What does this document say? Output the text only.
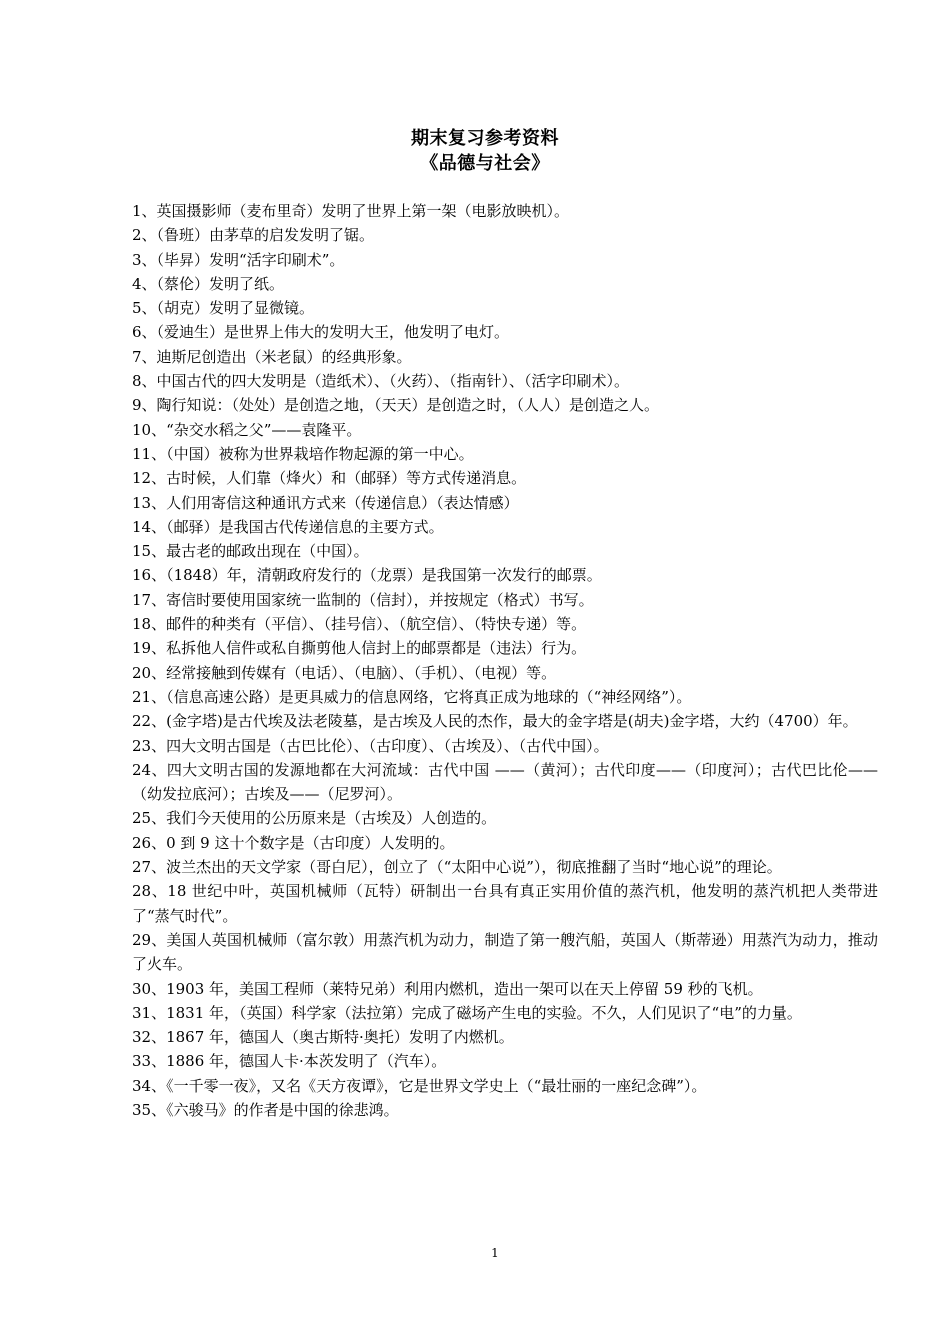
期末复习参考资料
《品德与社会》

1、英国摄影师（麦布里奇）发明了世界上第一架（电影放映机）。

2、（鲁班）由茅草的启发发明了锯。

3、（毕昇）发明“活字印刷术”。

4、（蔡伦）发明了纸。

5、（胡克）发明了显微镜。

6、（爱迪生）是世界上伟大的发明大王，他发明了电灯。

7、迪斯尼创造出（米老鼠）的经典形象。

8、中国古代的四大发明是（造纸术）、（火药）、（指南针）、（活字印刷术）。

9、陶行知说：（处处）是创造之地，（天天）是创造之时，（人人）是创造之人。

10、“杂交水稻之父”——袁隆平。

11、（中国）被称为世界栽培作物起源的第一中心。

12、古时候，人们靠（烽火）和（邮驿）等方式传递消息。

13、人们用寄信这种通讯方式来（传递信息）（表达情感）

14、（邮驿）是我国古代传递信息的主要方式。

15、最古老的邮政出现在（中国）。

16、（1848）年，清朝政府发行的（龙票）是我国第一次发行的邮票。

17、寄信时要使用国家统一监制的（信封），并按规定（格式）书写。

18、邮件的种类有（平信）、（挂号信）、（航空信）、（特快专递）等。

19、私拆他人信件或私自撕剪他人信封上的邮票都是（违法）行为。

20、经常接触到传媒有（电话）、（电脑）、（手机）、（电视）等。

21、（信息高速公路）是更具威力的信息网络，它将真正成为地球的（“神经网络”）。

22、(金字塔)是古代埃及法老陵墓，是古埃及人民的杰作，最大的金字塔是(胡夫)金字塔，大约（4700）年。

23、四大文明古国是（古巴比伦）、（古印度）、（古埃及）、（古代中国）。

24、四大文明古国的发源地都在大河流域：古代中国 ——（黄河）；古代印度——（印度河）；古代巴比伦——（幼发拉底河）；古埃及——（尼罗河）。

25、我们今天使用的公历原来是（古埃及）人创造的。

26、0 到 9 这十个数字是（古印度）人发明的。

27、波兰杰出的天文学家（哥白尼），创立了（“太阳中心说”），彻底推翻了当时“地心说”的理论。

28、18 世纪中叶，英国机械师（瓦特）研制出一台具有真正实用价值的蒸汽机，他发明的蒸汽机把人类带进了“蒸气时代”。

29、美国人英国机械师（富尔敦）用蒸汽机为动力，制造了第一艘汽船，英国人（斯蒂逊）用蒸汽为动力，推动了火车。

30、1903 年，美国工程师（莱特兄弟）利用内燃机，造出一架可以在天上停留 59 秒的飞机。

31、1831 年，（英国）科学家（法拉第）完成了磁场产生电的实验。不久，人们见识了“电”的力量。

32、1867 年，德国人（奥古斯特·奥托）发明了内燃机。

33、1886 年，德国人卡·本茨发明了（汽车）。

34、《一千零一夜》，又名《天方夜谭》，它是世界文学史上（“最壮丽的一座纪念碑”）。

35、《六骏马》的作者是中国的徐悲鸿。

1
